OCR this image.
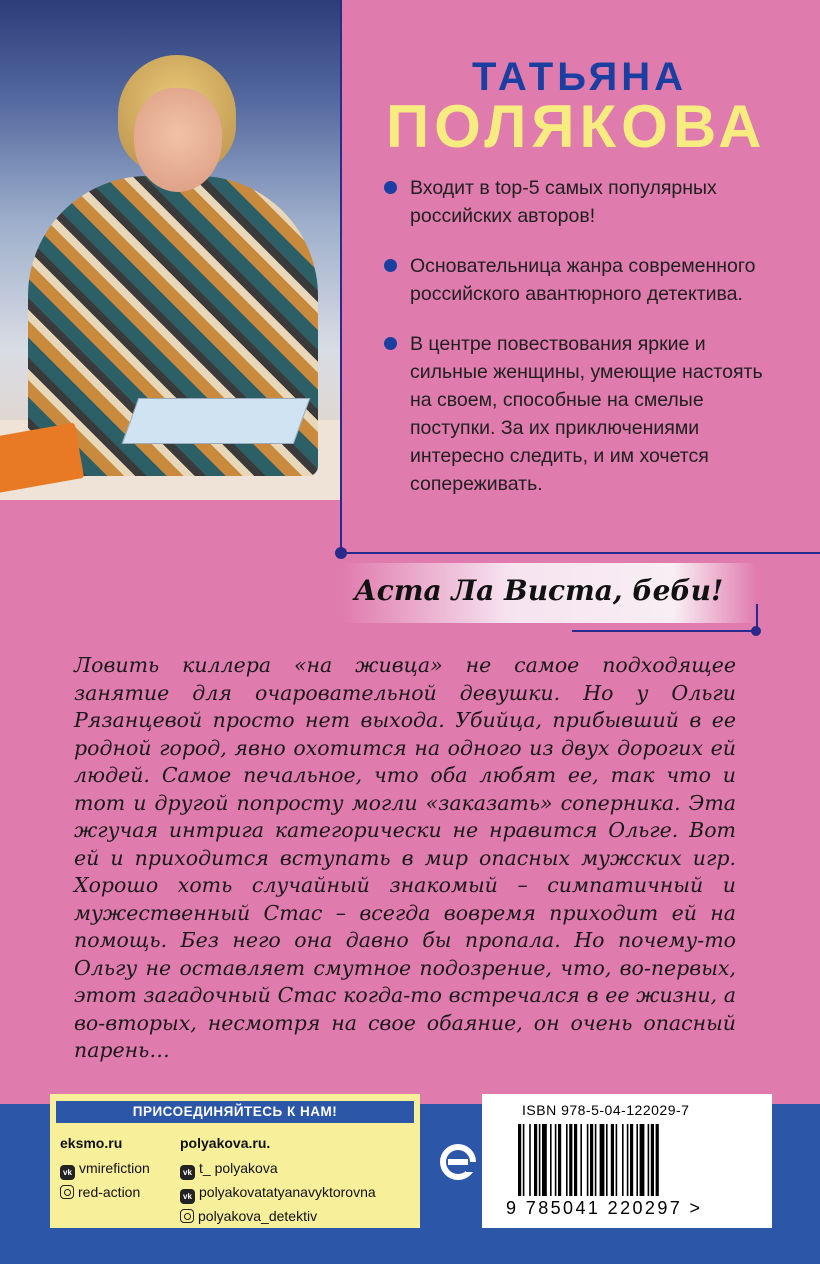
ТАТЬЯНА
ПОЛЯКОВА
Входит в top-5 самых популярных российских авторов!
Основательница жанра современного российского авантюрного детектива.
В центре повествования яркие и сильные женщины, умеющие настоять на своем, способные на смелые поступки. За их приключениями интересно следить, и им хочется сопереживать.
Аста Ла Виста, беби!

Ловить киллера «на живца» не самое подходящее занятие для очаровательной девушки. Но у Ольги Рязанцевой просто нет выхода. Убийца, прибывший в ее родной город, явно охотится на одного из двух дорогих ей людей. Самое печальное, что оба любят ее, так что и тот и другой попросту могли «заказать» соперника. Эта жгучая интрига категорически не нравится Ольге. Вот ей и приходится вступать в мир опасных мужских игр. Хорошо хоть случайный знакомый – симпатичный и мужественный Стас – всегда вовремя приходит ей на помощь. Без него она давно бы пропала. Но почему-то Ольгу не оставляет смутное подозрение, что, во-первых, этот загадочный Стас когда-то встречался в ее жизни, а во-вторых, несмотря на свое обаяние, он очень опасный парень…

ПРИСОЕДИНЯЙТЕСЬ К НАМ!
eksmo.ru
vk vmirefiction
red-action
polyakova.ru.
vk t_ polyakova
vk polyakovatatyanavyktorovna
polyakova_detektiv

ISBN 978-5-04-122029-7

9 785041 220297 >
